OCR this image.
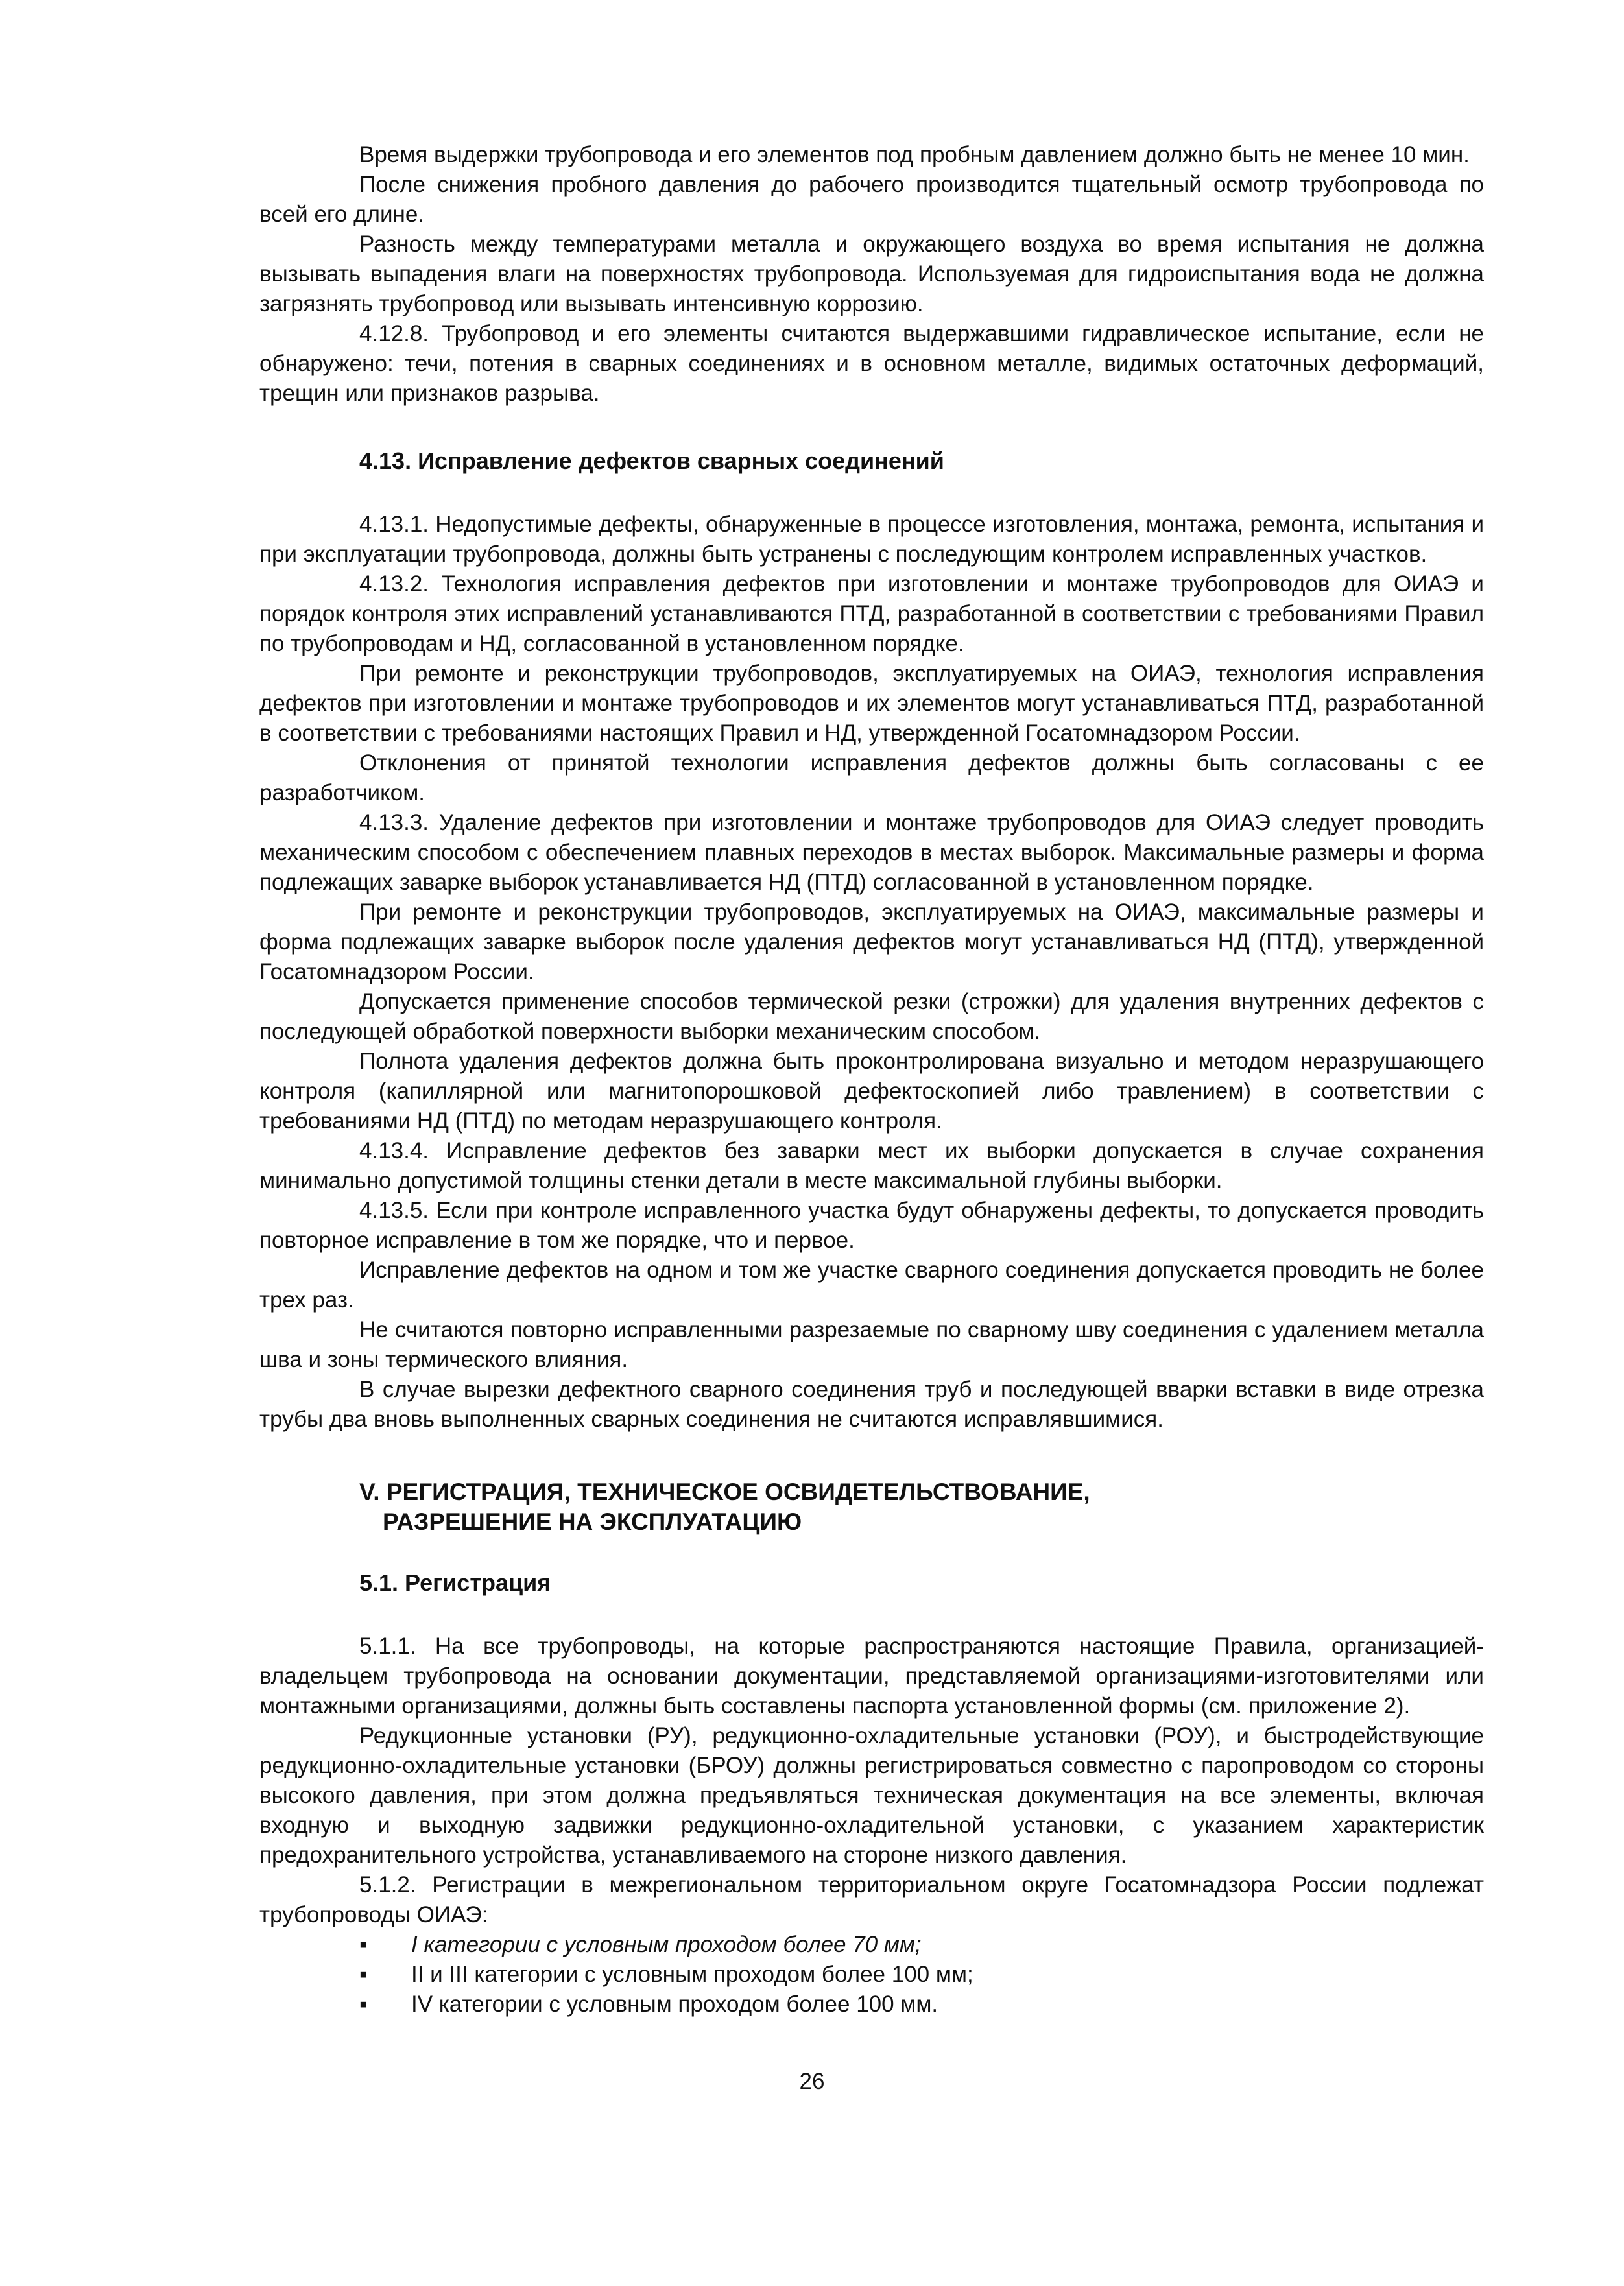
Время выдержки трубопровода и его элементов под пробным давлением должно быть не менее 10 мин.

После снижения пробного давления до рабочего производится тщательный осмотр трубопровода по всей его длине.

Разность между температурами металла и окружающего воздуха во время испытания не должна вызывать выпадения влаги на поверхностях трубопровода. Используемая для гидроиспытания вода не должна загрязнять трубопровод или вызывать интенсивную коррозию.

4.12.8. Трубопровод и его элементы считаются выдержавшими гидравлическое испытание, если не обнаружено: течи, потения в сварных соединениях и в основном металле, видимых остаточных деформаций, трещин или признаков разрыва.

4.13. Исправление дефектов сварных соединений

4.13.1. Недопустимые дефекты, обнаруженные в процессе изготовления, монтажа, ремонта, испытания и при эксплуатации трубопровода, должны быть устранены с последующим контролем исправленных участков.

4.13.2. Технология исправления дефектов при изготовлении и монтаже трубопроводов для ОИАЭ и порядок контроля этих исправлений устанавливаются ПТД, разработанной в соответствии с требованиями Правил по трубопроводам и НД, согласованной в установленном порядке.

При ремонте и реконструкции трубопроводов, эксплуатируемых на ОИАЭ, технология исправления дефектов при изготовлении и монтаже трубопроводов и их элементов могут устанавливаться ПТД, разработанной в соответствии с требованиями настоящих Правил и НД, утвержденной Госатомнадзором России.

Отклонения от принятой технологии исправления дефектов должны быть согласованы с ее разработчиком.

4.13.3. Удаление дефектов при изготовлении и монтаже трубопроводов для ОИАЭ следует проводить механическим способом с обеспечением плавных переходов в местах выборок. Максимальные размеры и форма подлежащих заварке выборок устанавливается НД (ПТД) согласованной в установленном порядке.

При ремонте и реконструкции трубопроводов, эксплуатируемых на ОИАЭ, максимальные размеры и форма подлежащих заварке выборок после удаления дефектов могут устанавливаться НД (ПТД), утвержденной Госатомнадзором России.

Допускается применение способов термической резки (строжки) для удаления внутренних дефектов с последующей обработкой поверхности выборки механическим способом.

Полнота удаления дефектов должна быть проконтролирована визуально и методом неразрушающего контроля (капиллярной или магнитопорошковой дефектоскопией либо травлением) в соответствии с требованиями НД (ПТД) по методам неразрушающего контроля.

4.13.4. Исправление дефектов без заварки мест их выборки допускается в случае сохранения минимально допустимой толщины стенки детали в месте максимальной глубины выборки.

4.13.5. Если при контроле исправленного участка будут обнаружены дефекты, то допускается проводить повторное исправление в том же порядке, что и первое.

Исправление дефектов на одном и том же участке сварного соединения допускается проводить не более трех раз.

Не считаются повторно исправленными разрезаемые по сварному шву соединения с удалением металла шва и зоны термического влияния.

В случае вырезки дефектного сварного соединения труб и последующей вварки вставки в виде отрезка трубы два вновь выполненных сварных соединения не считаются исправлявшимися.

V. РЕГИСТРАЦИЯ, ТЕХНИЧЕСКОЕ ОСВИДЕТЕЛЬСТВОВАНИЕ,
РАЗРЕШЕНИЕ НА ЭКСПЛУАТАЦИЮ
5.1. Регистрация

5.1.1. На все трубопроводы, на которые распространяются настоящие Правила, организацией-владельцем трубопровода на основании документации, представляемой организациями-изготовителями или монтажными организациями, должны быть составлены паспорта установленной формы (см. приложение 2).

Редукционные установки (РУ), редукционно-охладительные установки (РОУ), и быстродействующие редукционно-охладительные установки (БРОУ) должны регистрироваться совместно с паропроводом со стороны высокого давления, при этом должна предъявляться техническая документация на все элементы, включая входную и выходную задвижки редукционно-охладительной установки, с указанием характеристик предохранительного устройства, устанавливаемого на стороне низкого давления.

5.1.2. Регистрации в межрегиональном территориальном округе Госатомнадзора России подлежат трубопроводы ОИАЭ:

▪ I категории с условным проходом более 70 мм;
▪ II и III категории с условным проходом более 100 мм;
▪ IV категории с условным проходом более 100 мм.
26
